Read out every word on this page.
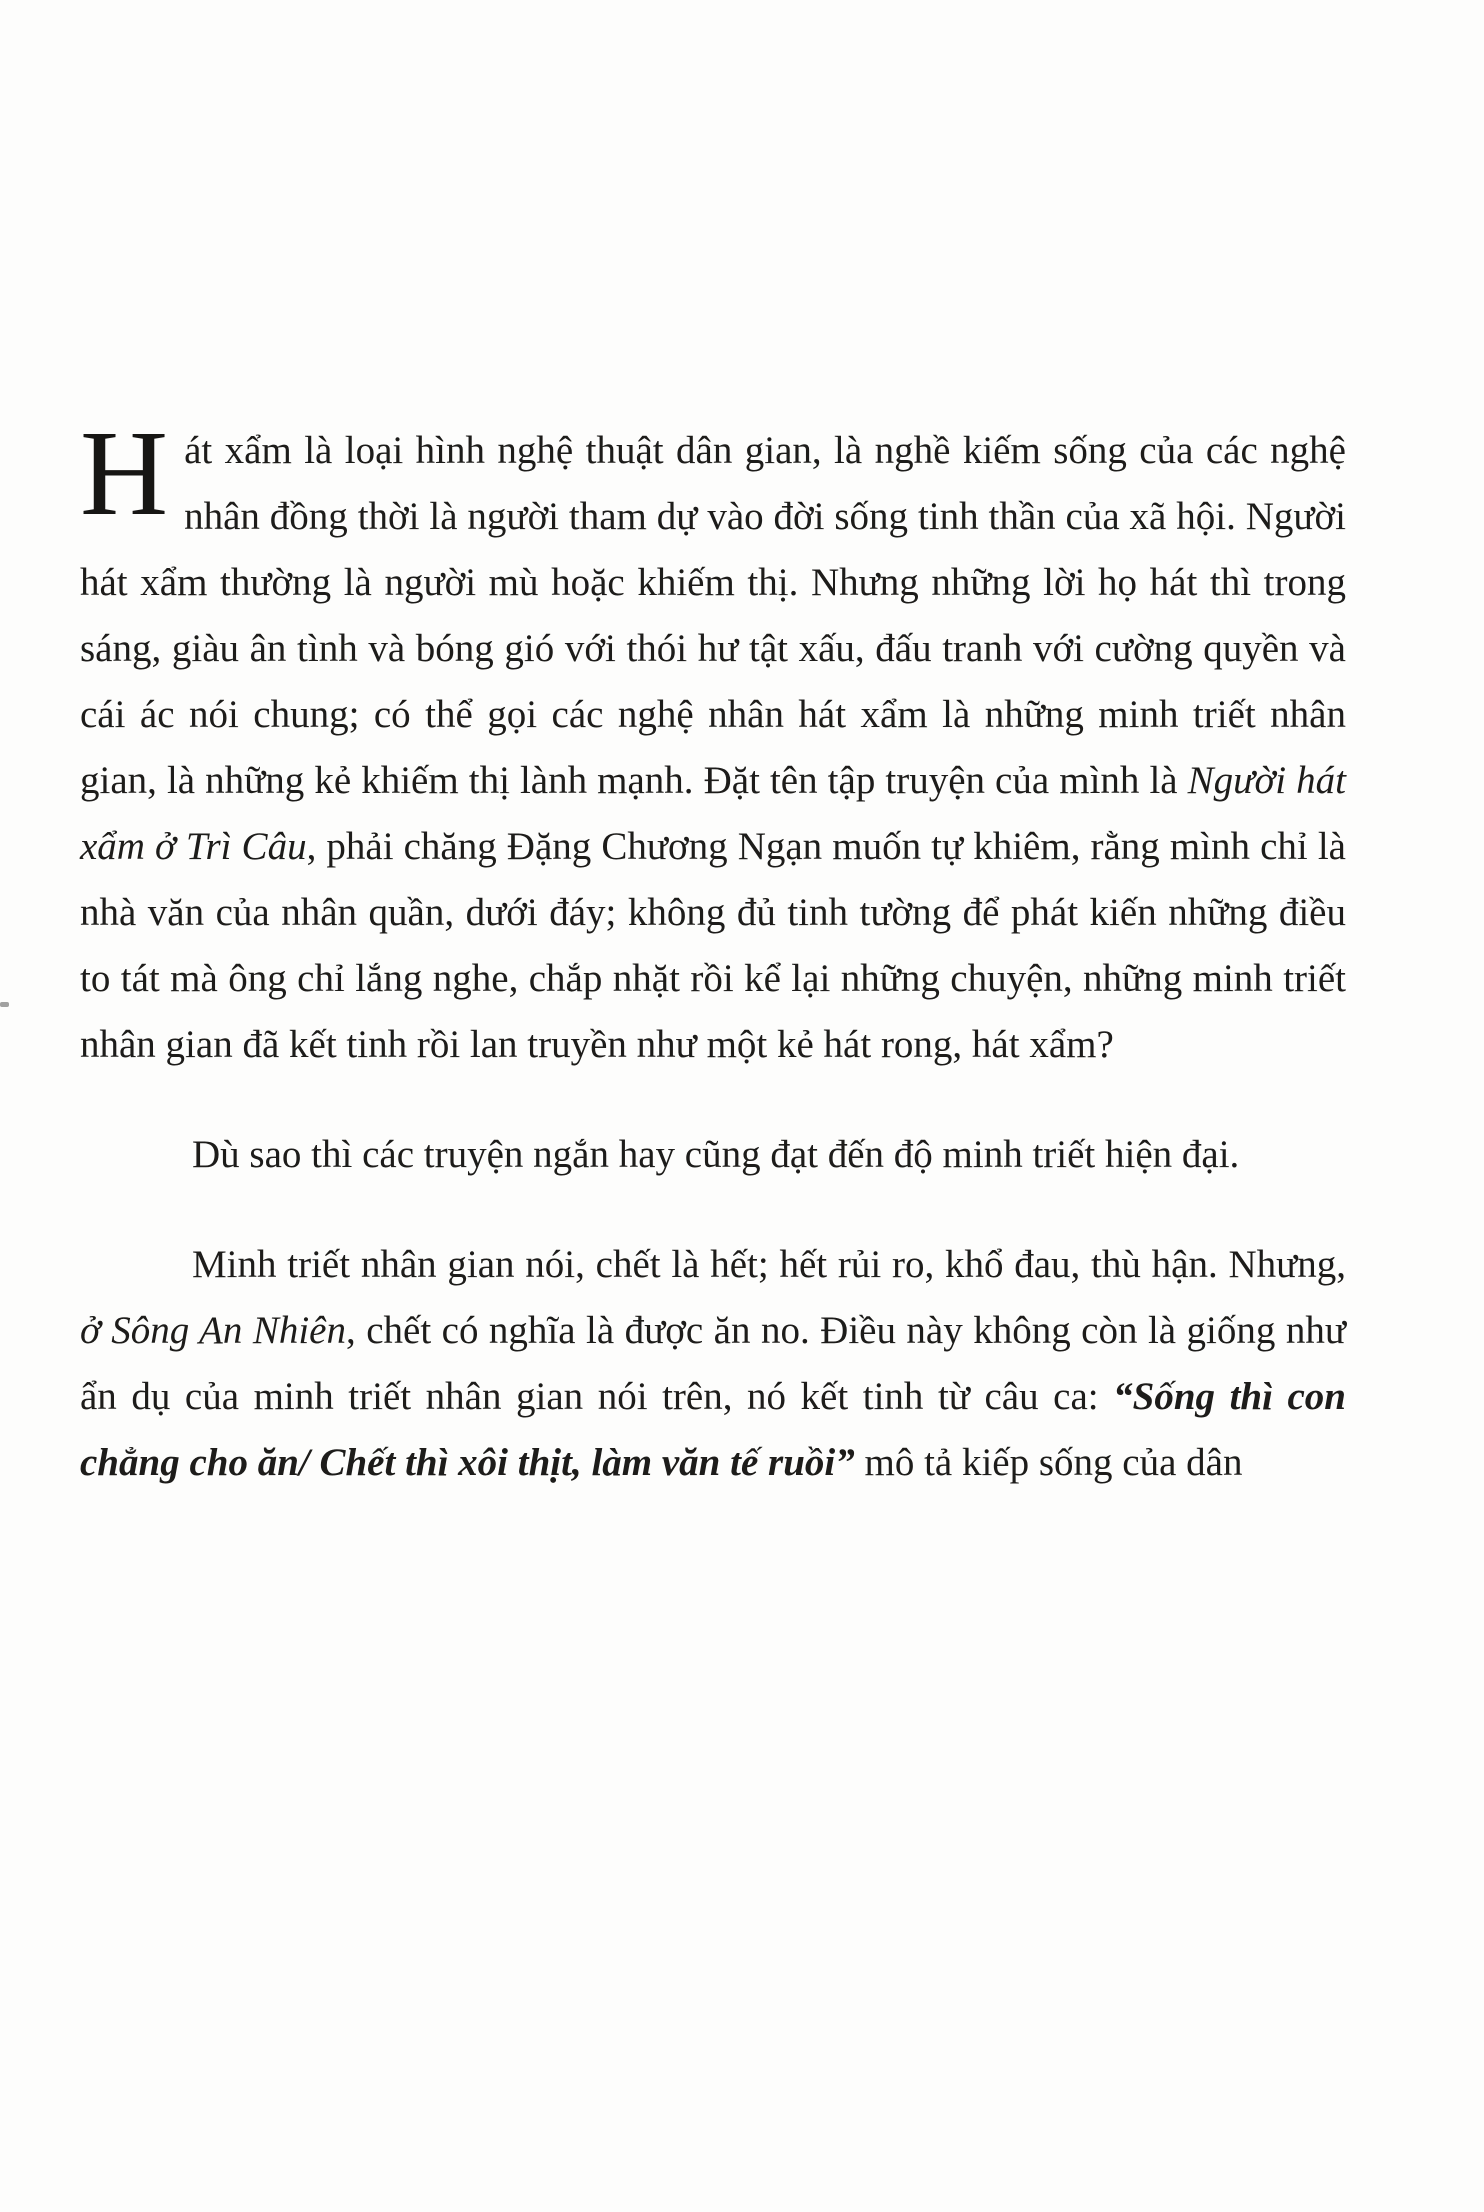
Hát xẩm là loại hình nghệ thuật dân gian, là nghề kiếm sống của các nghệ nhân đồng thời là người tham dự vào đời sống tinh thần của xã hội. Người hát xẩm thường là người mù hoặc khiếm thị. Nhưng những lời họ hát thì trong sáng, giàu ân tình và bóng gió với thói hư tật xấu, đấu tranh với cường quyền và cái ác nói chung; có thể gọi các nghệ nhân hát xẩm là những minh triết nhân gian, là những kẻ khiếm thị lành mạnh. Đặt tên tập truyện của mình là Người hát xẩm ở Trì Câu, phải chăng Đặng Chương Ngạn muốn tự khiêm, rằng mình chỉ là nhà văn của nhân quần, dưới đáy; không đủ tinh tường để phát kiến những điều to tát mà ông chỉ lắng nghe, chắp nhặt rồi kể lại những chuyện, những minh triết nhân gian đã kết tinh rồi lan truyền như một kẻ hát rong, hát xẩm?

Dù sao thì các truyện ngắn hay cũng đạt đến độ minh triết hiện đại.

Minh triết nhân gian nói, chết là hết; hết rủi ro, khổ đau, thù hận. Nhưng, ở Sông An Nhiên, chết có nghĩa là được ăn no. Điều này không còn là giống như ẩn dụ của minh triết nhân gian nói trên, nó kết tinh từ câu ca: “Sống thì con chẳng cho ăn/ Chết thì xôi thịt, làm văn tế ruồi” mô tả kiếp sống của dân
